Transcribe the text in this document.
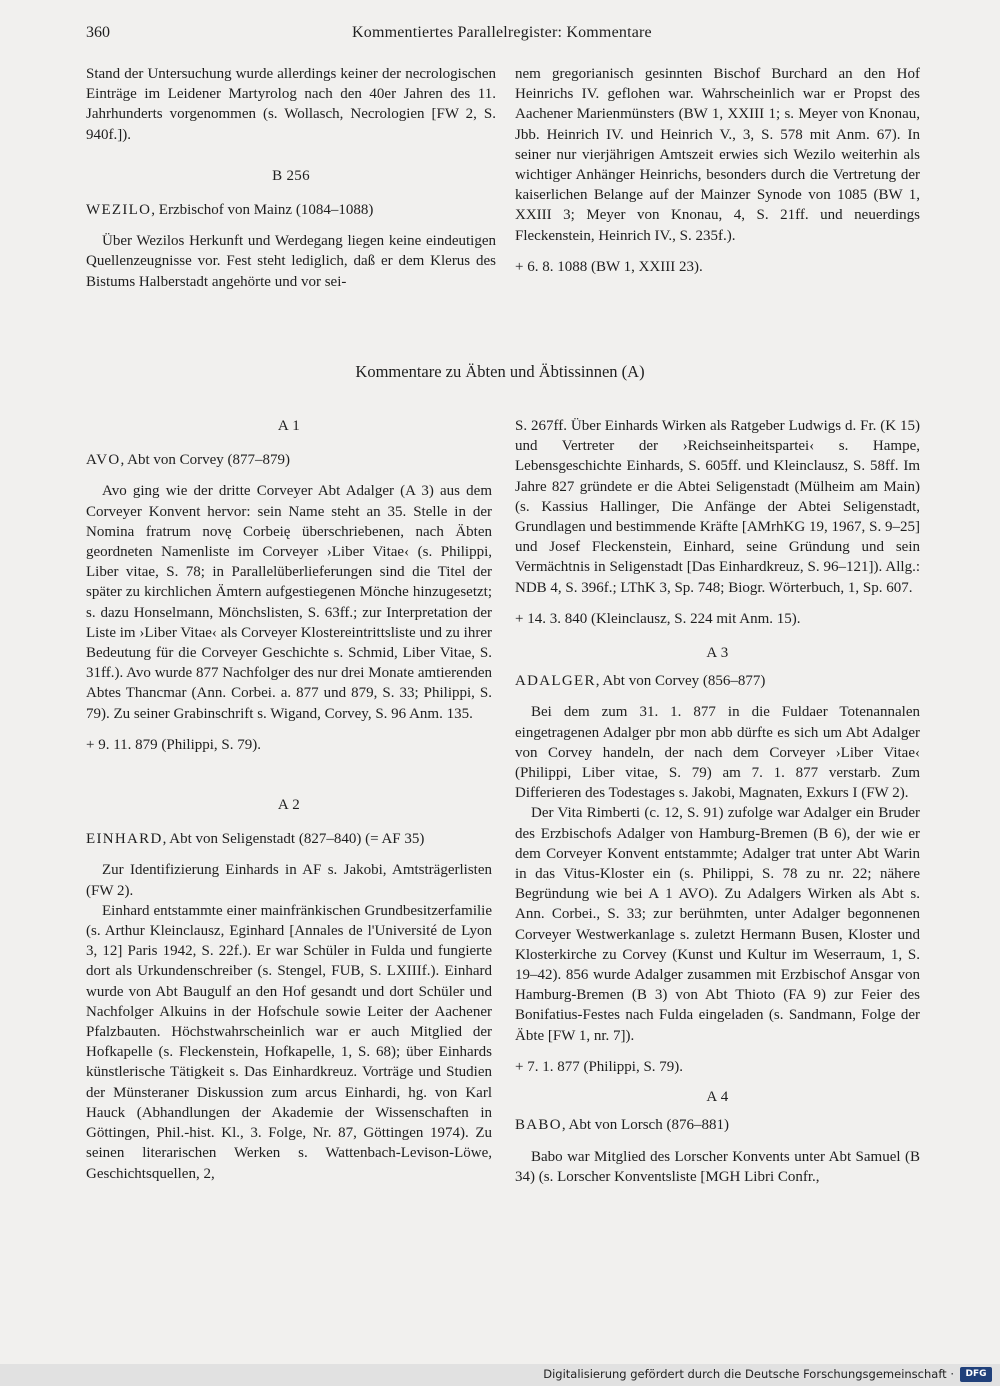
360	Kommentiertes Parallelregister: Kommentare

Stand der Untersuchung wurde allerdings keiner der necrologischen Einträge im Leidener Martyrolog nach den 40er Jahren des 11. Jahrhunderts vorgenommen (s. Wollasch, Necrologien [FW 2, S. 940f.]).

B 256
WEZILO, Erzbischof von Mainz (1084–1088)

Über Wezilos Herkunft und Werdegang liegen keine eindeutigen Quellenzeugnisse vor. Fest steht lediglich, daß er dem Klerus des Bistums Halberstadt angehörte und vor sei-

nem gregorianisch gesinnten Bischof Burchard an den Hof Heinrichs IV. geflohen war. Wahrscheinlich war er Propst des Aachener Marienmünsters (BW 1, XXIII 1; s. Meyer von Knonau, Jbb. Heinrich IV. und Heinrich V., 3, S. 578 mit Anm. 67). In seiner nur vierjährigen Amtszeit erwies sich Wezilo weiterhin als wichtiger Anhänger Heinrichs, besonders durch die Vertretung der kaiserlichen Belange auf der Mainzer Synode von 1085 (BW 1, XXIII 3; Meyer von Knonau, 4, S. 21ff. und neuerdings Fleckenstein, Heinrich IV., S. 235f.).

+ 6. 8. 1088 (BW 1, XXIII 23).

Kommentare zu Äbten und Äbtissinnen (A)
A 1
AVO, Abt von Corvey (877–879)

Avo ging wie der dritte Corveyer Abt Adalger (A 3) aus dem Corveyer Konvent hervor: sein Name steht an 35. Stelle in der Nomina fratrum novę Corbeię überschriebenen, nach Äbten geordneten Namenliste im Corveyer ›Liber Vitae‹ (s. Philippi, Liber vitae, S. 78; in Parallelüberlieferungen sind die Titel der später zu kirchlichen Ämtern aufgestiegenen Mönche hinzugesetzt; s. dazu Honselmann, Mönchslisten, S. 63ff.; zur Interpretation der Liste im ›Liber Vitae‹ als Corveyer Klostereintrittsliste und zu ihrer Bedeutung für die Corveyer Geschichte s. Schmid, Liber Vitae, S. 31ff.). Avo wurde 877 Nachfolger des nur drei Monate amtierenden Abtes Thancmar (Ann. Corbei. a. 877 und 879, S. 33; Philippi, S. 79). Zu seiner Grabinschrift s. Wigand, Corvey, S. 96 Anm. 135.

+ 9. 11. 879 (Philippi, S. 79).

A 2
EINHARD, Abt von Seligenstadt (827–840) (= AF 35)

Zur Identifizierung Einhards in AF s. Jakobi, Amtsträgerlisten (FW 2).

Einhard entstammte einer mainfränkischen Grundbesitzerfamilie (s. Arthur Kleinclausz, Eginhard [Annales de l'Université de Lyon 3, 12] Paris 1942, S. 22f.). Er war Schüler in Fulda und fungierte dort als Urkundenschreiber (s. Stengel, FUB, S. LXIIIf.). Einhard wurde von Abt Baugulf an den Hof gesandt und dort Schüler und Nachfolger Alkuins in der Hofschule sowie Leiter der Aachener Pfalzbauten. Höchstwahrscheinlich war er auch Mitglied der Hofkapelle (s. Fleckenstein, Hofkapelle, 1, S. 68); über Einhards künstlerische Tätigkeit s. Das Einhardkreuz. Vorträge und Studien der Münsteraner Diskussion zum arcus Einhardi, hg. von Karl Hauck (Abhandlungen der Akademie der Wissenschaften in Göttingen, Phil.-hist. Kl., 3. Folge, Nr. 87, Göttingen 1974). Zu seinen literarischen Werken s. Wattenbach-Levison-Löwe, Geschichtsquellen, 2,

S. 267ff. Über Einhards Wirken als Ratgeber Ludwigs d. Fr. (K 15) und Vertreter der ›Reichseinheitspartei‹ s. Hampe, Lebensgeschichte Einhards, S. 605ff. und Kleinclausz, S. 58ff. Im Jahre 827 gründete er die Abtei Seligenstadt (Mülheim am Main) (s. Kassius Hallinger, Die Anfänge der Abtei Seligenstadt, Grundlagen und bestimmende Kräfte [AMrhKG 19, 1967, S. 9–25] und Josef Fleckenstein, Einhard, seine Gründung und sein Vermächtnis in Seligenstadt [Das Einhardkreuz, S. 96–121]). Allg.: NDB 4, S. 396f.; LThK 3, Sp. 748; Biogr. Wörterbuch, 1, Sp. 607.

+ 14. 3. 840 (Kleinclausz, S. 224 mit Anm. 15).

A 3
ADALGER, Abt von Corvey (856–877)

Bei dem zum 31. 1. 877 in die Fuldaer Totenannalen eingetragenen Adalger pbr mon abb dürfte es sich um Abt Adalger von Corvey handeln, der nach dem Corveyer ›Liber Vitae‹ (Philippi, Liber vitae, S. 79) am 7. 1. 877 verstarb. Zum Differieren des Todestages s. Jakobi, Magnaten, Exkurs I (FW 2).

Der Vita Rimberti (c. 12, S. 91) zufolge war Adalger ein Bruder des Erzbischofs Adalger von Hamburg-Bremen (B 6), der wie er dem Corveyer Konvent entstammte; Adalger trat unter Abt Warin in das Vitus-Kloster ein (s. Philippi, S. 78 zu nr. 22; nähere Begründung wie bei A 1 AVO). Zu Adalgers Wirken als Abt s. Ann. Corbei., S. 33; zur berühmten, unter Adalger begonnenen Corveyer Westwerkanlage s. zuletzt Hermann Busen, Kloster und Klosterkirche zu Corvey (Kunst und Kultur im Weserraum, 1, S. 19–42). 856 wurde Adalger zusammen mit Erzbischof Ansgar von Hamburg-Bremen (B 3) von Abt Thioto (FA 9) zur Feier des Bonifatius-Festes nach Fulda eingeladen (s. Sandmann, Folge der Äbte [FW 1, nr. 7]).

+ 7. 1. 877 (Philippi, S. 79).

A 4
BABO, Abt von Lorsch (876–881)

Babo war Mitglied des Lorscher Konvents unter Abt Samuel (B 34) (s. Lorscher Konventsliste [MGH Libri Confr.,

Digitalisierung gefördert durch die Deutsche Forschungsgemeinschaft ·	DFG
